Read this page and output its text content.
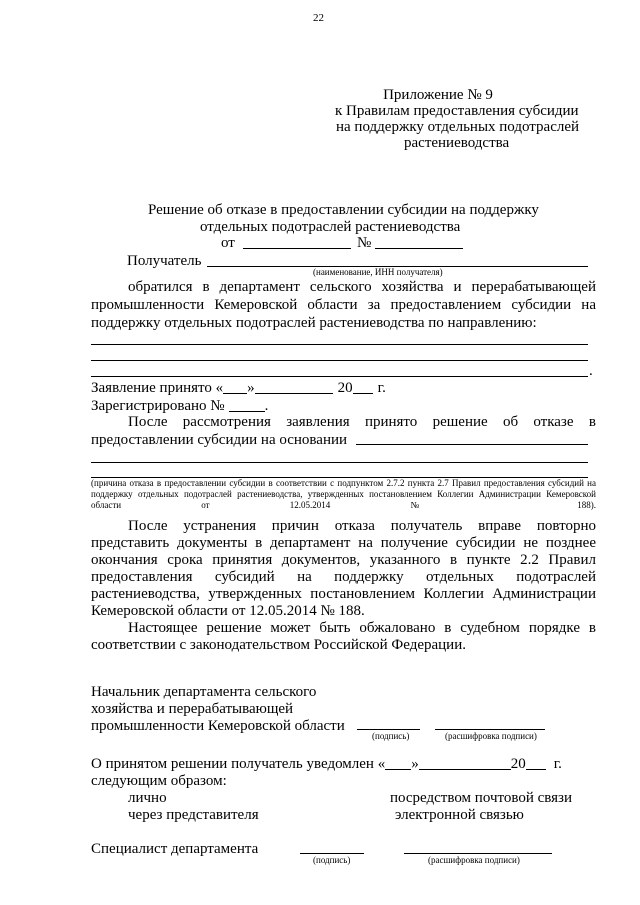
22
Приложение № 9
к Правилам предоставления субсидии
на поддержку отдельных подотраслей
растениеводства
Решение об отказе в предоставлении субсидии на поддержку
отдельных подотраслей растениеводства
от	№
Получатель
(наименование, ИНН получателя)
обратился в департамент сельского хозяйства и перерабатывающей
промышленности Кемеровской области за предоставлением субсидии на
поддержку отдельных подотраслей растениеводства по направлению:
.
Заявление принято « »	20 г.
Зарегистрировано №	.
После рассмотрения заявления принято решение об отказе в
предоставлении субсидии на основании
(причина отказа в предоставлении субсидии в соответствии с подпунктом 2.7.2 пункта 2.7 Правил предоставления субсидий на поддержку отдельных подотраслей растениеводства, утвержденных постановлением Коллегии Администрации Кемеровской области от 12.05.2014 № 188).
После устранения причин отказа получатель вправе повторно
представить документы в департамент на получение субсидии не позднее
окончания срока принятия документов, указанного в пункте 2.2 Правил
предоставления субсидий на поддержку отдельных подотраслей
растениеводства, утвержденных постановлением Коллегии Администрации
Кемеровской области от 12.05.2014 № 188.
Настоящее решение может быть обжаловано в судебном порядке в
соответствии с законодательством Российской Федерации.
Начальник департамента сельского
хозяйства и перерабатывающей
промышленности Кемеровской области
(подпись)	(расшифровка подписи)
О принятом решении получатель уведомлен « »	20 г.
следующим образом:
лично	посредством почтовой связи
через представителя	электронной связью
Специалист департамента
(подпись)	(расшифровка подписи)
